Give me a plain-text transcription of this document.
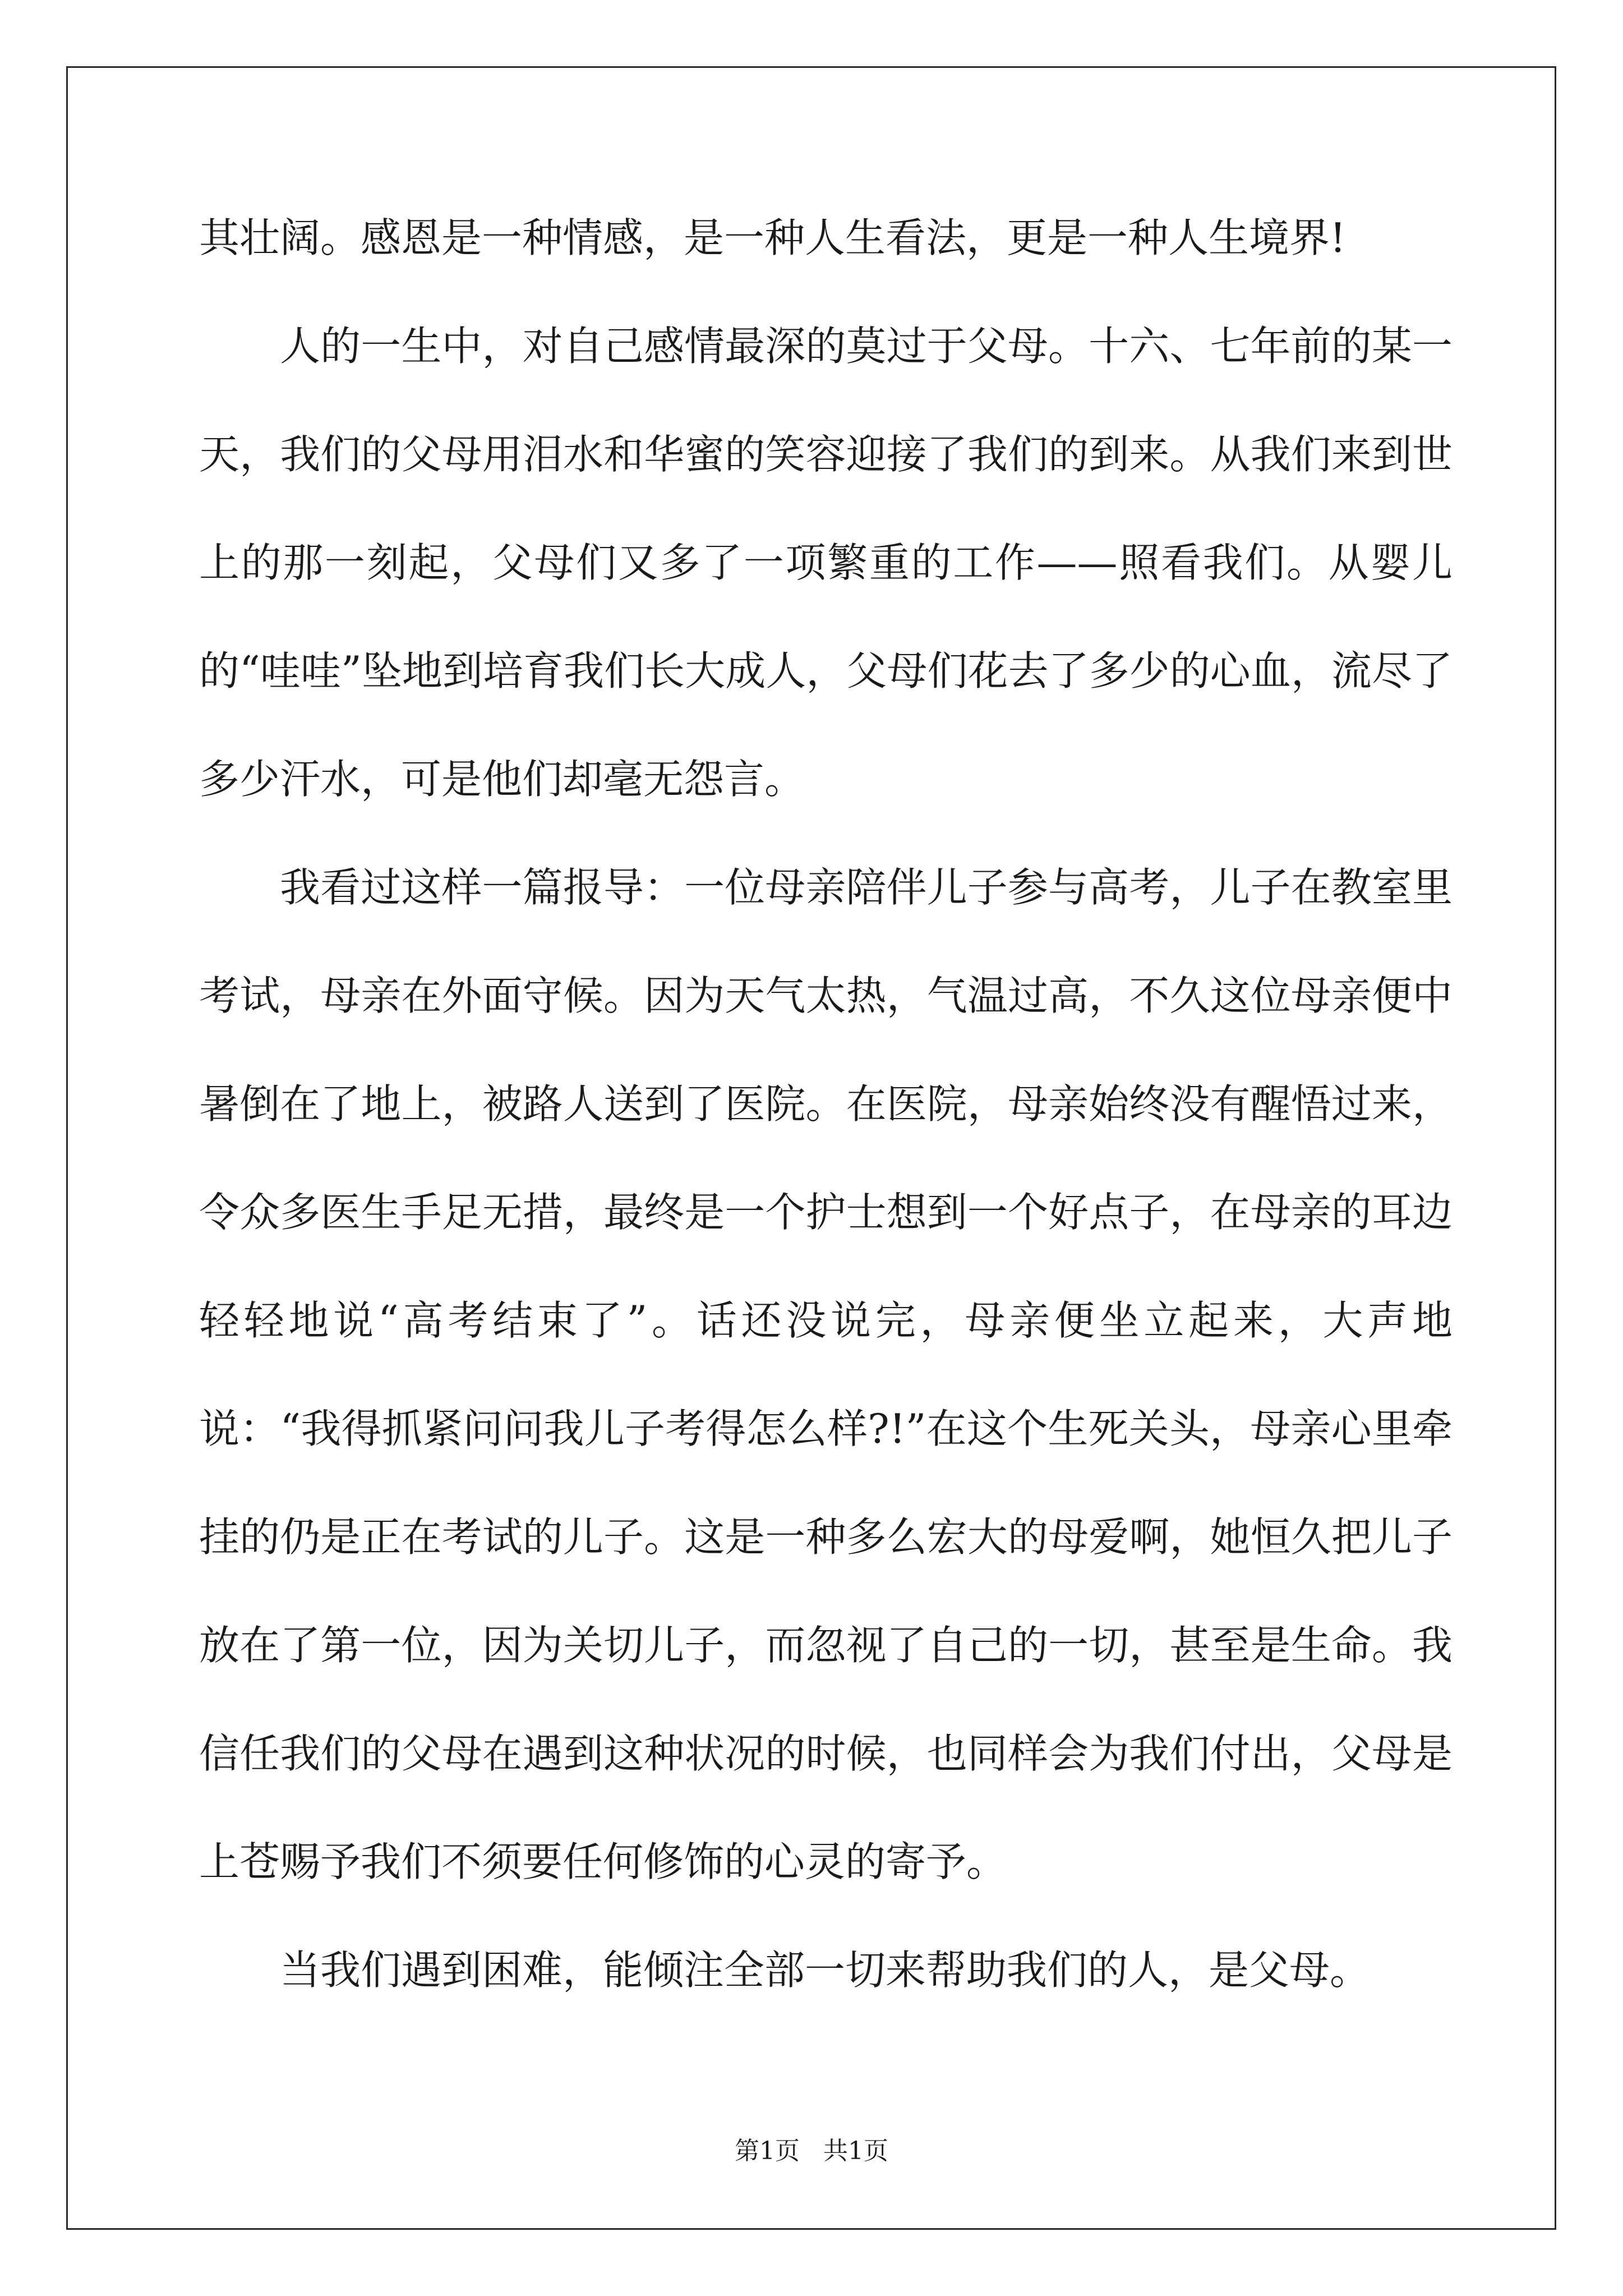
其壮阔。感恩是一种情感，是一种人生看法，更是一种人生境界!

人的一生中，对自己感情最深的莫过于父母。十六、七年前的某一天，我们的父母用泪水和华蜜的笑容迎接了我们的到来。从我们来到世上的那一刻起，父母们又多了一项繁重的工作——照看我们。从婴儿的“哇哇”坠地到培育我们长大成人，父母们花去了多少的心血，流尽了多少汗水，可是他们却毫无怨言。

我看过这样一篇报导：一位母亲陪伴儿子参与高考，儿子在教室里考试，母亲在外面守候。因为天气太热，气温过高，不久这位母亲便中暑倒在了地上，被路人送到了医院。在医院，母亲始终没有醒悟过来，令众多医生手足无措，最终是一个护士想到一个好点子，在母亲的耳边轻轻地说“高考结束了”。话还没说完，母亲便坐立起来，大声地说：“我得抓紧问问我儿子考得怎么样?!”在这个生死关头，母亲心里牵挂的仍是正在考试的儿子。这是一种多么宏大的母爱啊，她恒久把儿子放在了第一位，因为关切儿子，而忽视了自己的一切，甚至是生命。我信任我们的父母在遇到这种状况的时候，也同样会为我们付出，父母是上苍赐予我们不须要任何修饰的心灵的寄予。

当我们遇到困难，能倾注全部一切来帮助我们的人，是父母。

第1页   共1页
